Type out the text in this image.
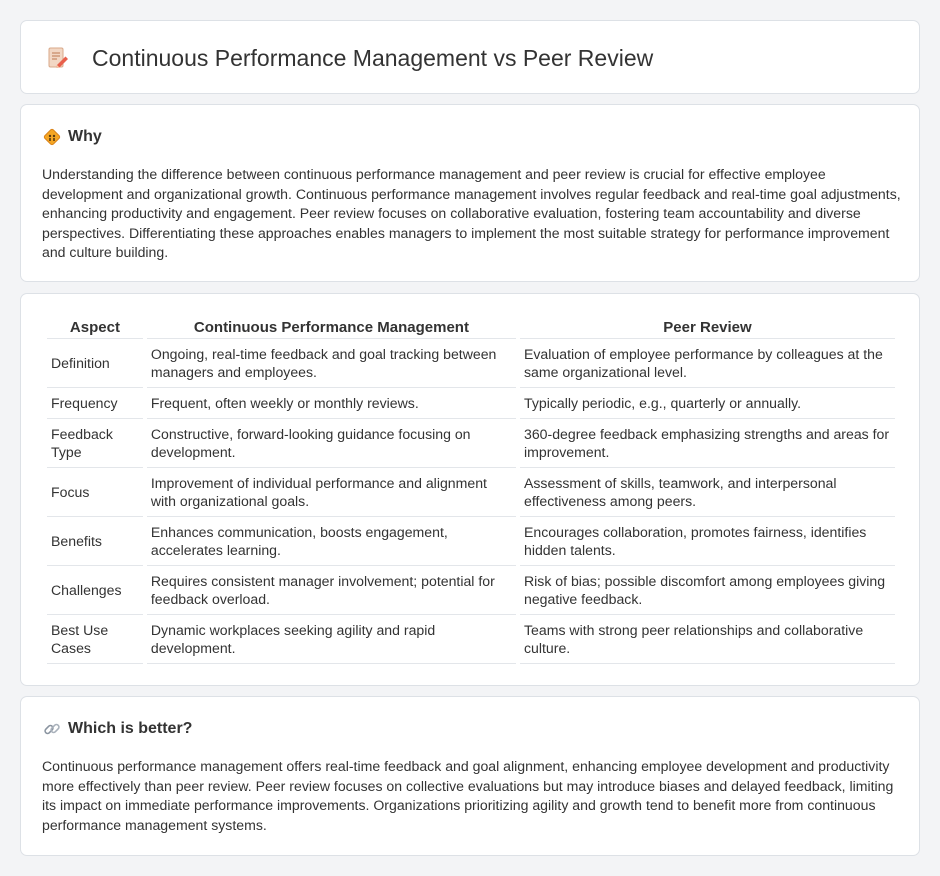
Continuous Performance Management vs Peer Review
Why

Understanding the difference between continuous performance management and peer review is crucial for effective employee development and organizational growth. Continuous performance management involves regular feedback and real-time goal adjustments, enhancing productivity and engagement. Peer review focuses on collaborative evaluation, fostering team accountability and diverse perspectives. Differentiating these approaches enables managers to implement the most suitable strategy for performance improvement and culture building.

Aspect	Continuous Performance Management	Peer Review
Definition	Ongoing, real-time feedback and goal tracking between managers and employees.	Evaluation of employee performance by colleagues at the same organizational level.
Frequency	Frequent, often weekly or monthly reviews.	Typically periodic, e.g., quarterly or annually.
Feedback Type	Constructive, forward-looking guidance focusing on development.	360-degree feedback emphasizing strengths and areas for improvement.
Focus	Improvement of individual performance and alignment with organizational goals.	Assessment of skills, teamwork, and interpersonal effectiveness among peers.
Benefits	Enhances communication, boosts engagement, accelerates learning.	Encourages collaboration, promotes fairness, identifies hidden talents.
Challenges	Requires consistent manager involvement; potential for feedback overload.	Risk of bias; possible discomfort among employees giving negative feedback.
Best Use Cases	Dynamic workplaces seeking agility and rapid development.	Teams with strong peer relationships and collaborative culture.
Which is better?

Continuous performance management offers real-time feedback and goal alignment, enhancing employee development and productivity more effectively than peer review. Peer review focuses on collective evaluations but may introduce biases and delayed feedback, limiting its impact on immediate performance improvements. Organizations prioritizing agility and growth tend to benefit more from continuous performance management systems.
